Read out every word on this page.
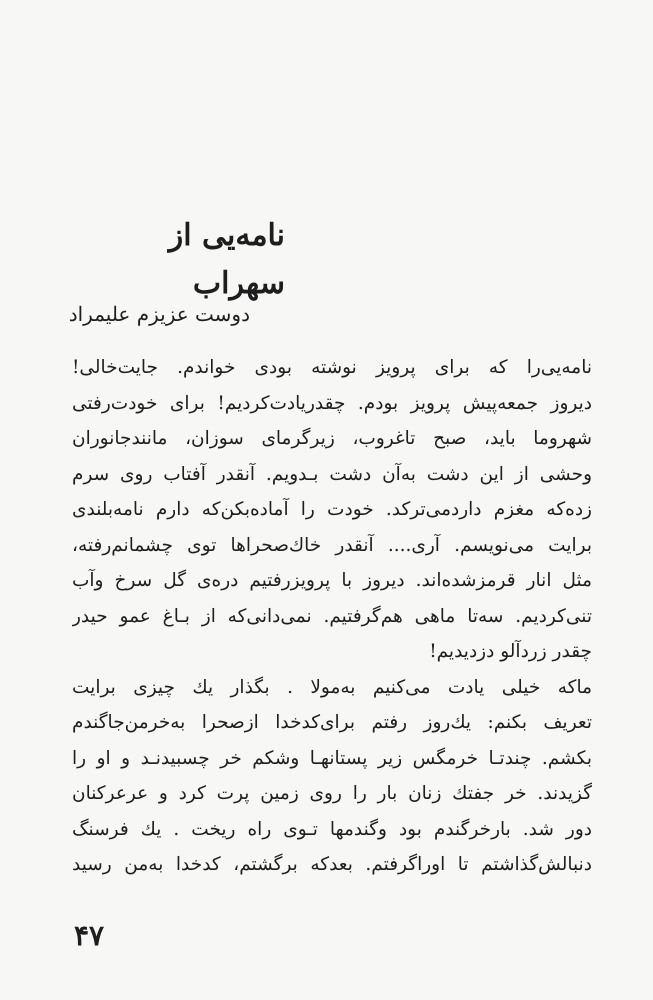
نامه‌یی از سهراب

دوست عزیزم علیمراد

نامه‌یی‌را که برای پرویز نوشته بودی خواندم. جایت‌خالی!
دیروز جمعه‌پیش پرویز بودم. چقدریادت‌کردیم! برای خودت‌رفتی
شهروما باید، صبح تاغروب، زیرگرمای سوزان، مانندجانوران
وحشی از این دشت به‌آن دشت بـدویم. آنقدر آفتاب روی سرم
زده‌که مغزم داردمی‌ترکد. خودت را آماده‌بکن‌که دارم نامه‌بلندی
برایت می‌نویسم. آری.... آنقدر خاك‌صحراها توی چشمانم‌رفته،
مثل انار قرمزشده‌اند. دیروز با پرویزرفتیم دره‌ی گل سرخ وآب
تنی‌کردیم. سه‌تا ماهی هم‌گرفتیم. نمی‌دانی‌که از بـاغ عمو حیدر
چقدر زردآلو دزدیدیم!
ماکه خیلی یادت می‌کنیم به‌مولا . بگذار یك چیزی برایت
تعریف بکنم: یك‌روز رفتم برای‌کدخدا ازصحرا به‌خرمن‌جا‌گندم
بکشم. چندتـا خرمگس زیر پستانهـا وشکم خر چسبیدنـد و او را
گزیدند. خر جفتك زنان بار را روی زمین پرت کرد و عرعرکنان
دور شد. بارخرگندم بود وگندمها تـوی راه ریخت . یك فرسنگ
دنبالش‌گذاشتم تا اوراگرفتم. بعدکه برگشتم، کدخدا به‌من رسید
۴۷
